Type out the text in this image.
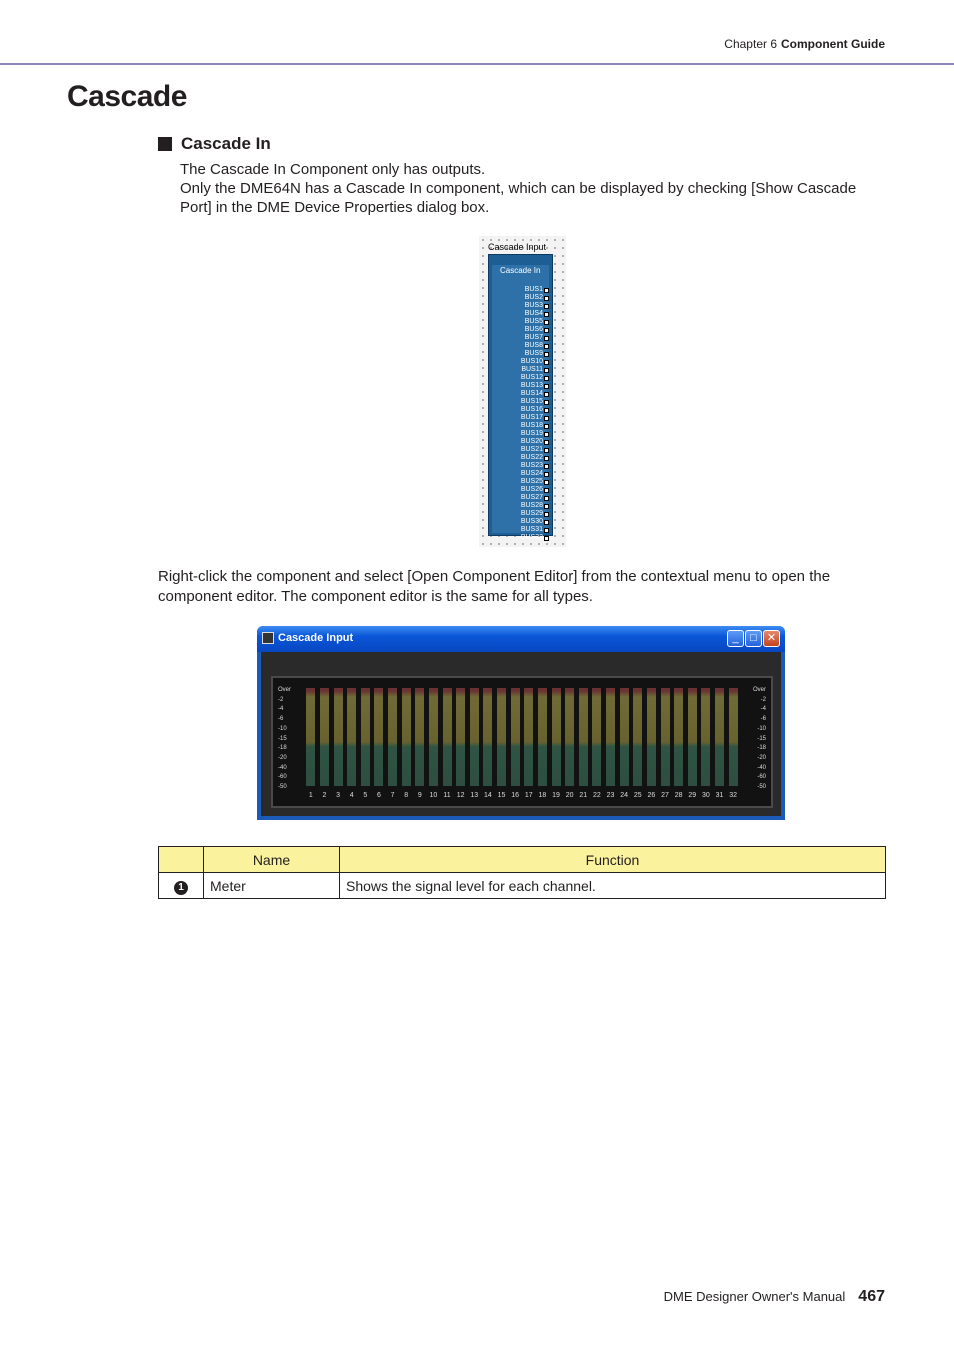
Chapter 6 Component Guide
Cascade
Cascade In

The Cascade In Component only has outputs.

Only the DME64N has a Cascade In component, which can be displayed by checking [Show Cascade Port] in the DME Device Properties dialog box.

Cascade Input
Cascade In
BUS1
BUS2
BUS3
BUS4
BUS5
BUS6
BUS7
BUS8
BUS9
BUS10
BUS11
BUS12
BUS13
BUS14
BUS15
BUS16
BUS17
BUS18
BUS19
BUS20
BUS21
BUS22
BUS23
BUS24
BUS25
BUS26
BUS27
BUS28
BUS29
BUS30
BUS31
BUS32

Right-click the component and select [Open Component Editor] from the contextual menu to open the component editor. The component editor is the same for all types.

Cascade Input	_	□ ✕
Over
-2
-4
-6
-10
-15
-18
-20
-40
-60
-50
Over
-2
-4
-6
-10
-15
-18
-20
-40
-60
-50
1	2	3	4	5	6	7	8	9	10 11 12 13 14 15 16 17 18 19 20 21 22 23 24 25 26 27 28 29 30 31 32
	Name	Function
1	Meter	Shows the signal level for each channel.
DME Designer Owner's Manual 467
